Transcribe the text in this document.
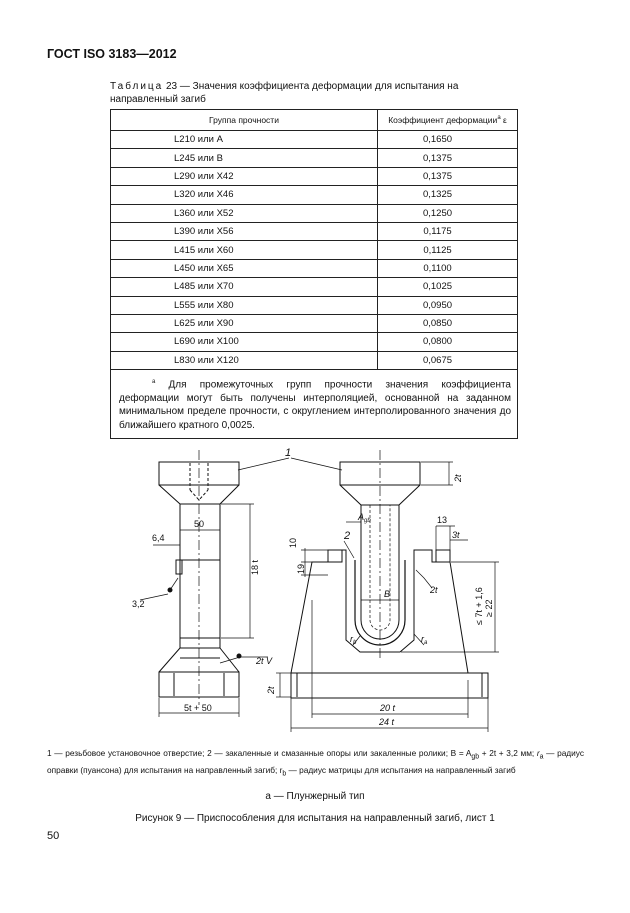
ГОСТ ISO 3183—2012
Таблица 23 — Значения коэффициента деформации для испытания на направленный загиб
Группа прочности	Коэффициент деформации$^a$ ε
L210 или A	0,1650
L245 или B	0,1375
L290 или X42	0,1375
L320 или X46	0,1325
L360 или X52	0,1250
L390 или X56	0,1175
L415 или X60	0,1125
L450 или X65	0,1100
L485 или X70	0,1025
L555 или X80	0,0950
L625 или X90	0,0850
L690 или X100	0,0800
L830 или X120	0,0675
$^a$ Для промежуточных групп прочности значения коэффициента деформации могут быть получены интерполяцией, основанной на заданном минимальном пределе прочности, с округлением интерполированного значения до ближайшего кратного 0,0025.	
1
2
6,4
50
18 t
3,2
2t V
5t + 50
2t
13
3t
10
19
2t	≤ 7t + 1,6 ≥ 22
2t
20 t
24 t
$A_{gb}$
B
$r_b$	$r_a$
1 — резьбовое установочное отверстие; 2 — закаленные и смазанные опоры или закаленные ролики; $B = A_{gb} + 2t + 3,2$ мм; $r_a$ — радиус оправки (пуансона) для испытания на направленный загиб; $r_b$ — радиус матрицы для испытания на направленный загиб
a — Плунжерный тип
Рисунок 9 — Приспособления для испытания на направленный загиб, лист 1
50
